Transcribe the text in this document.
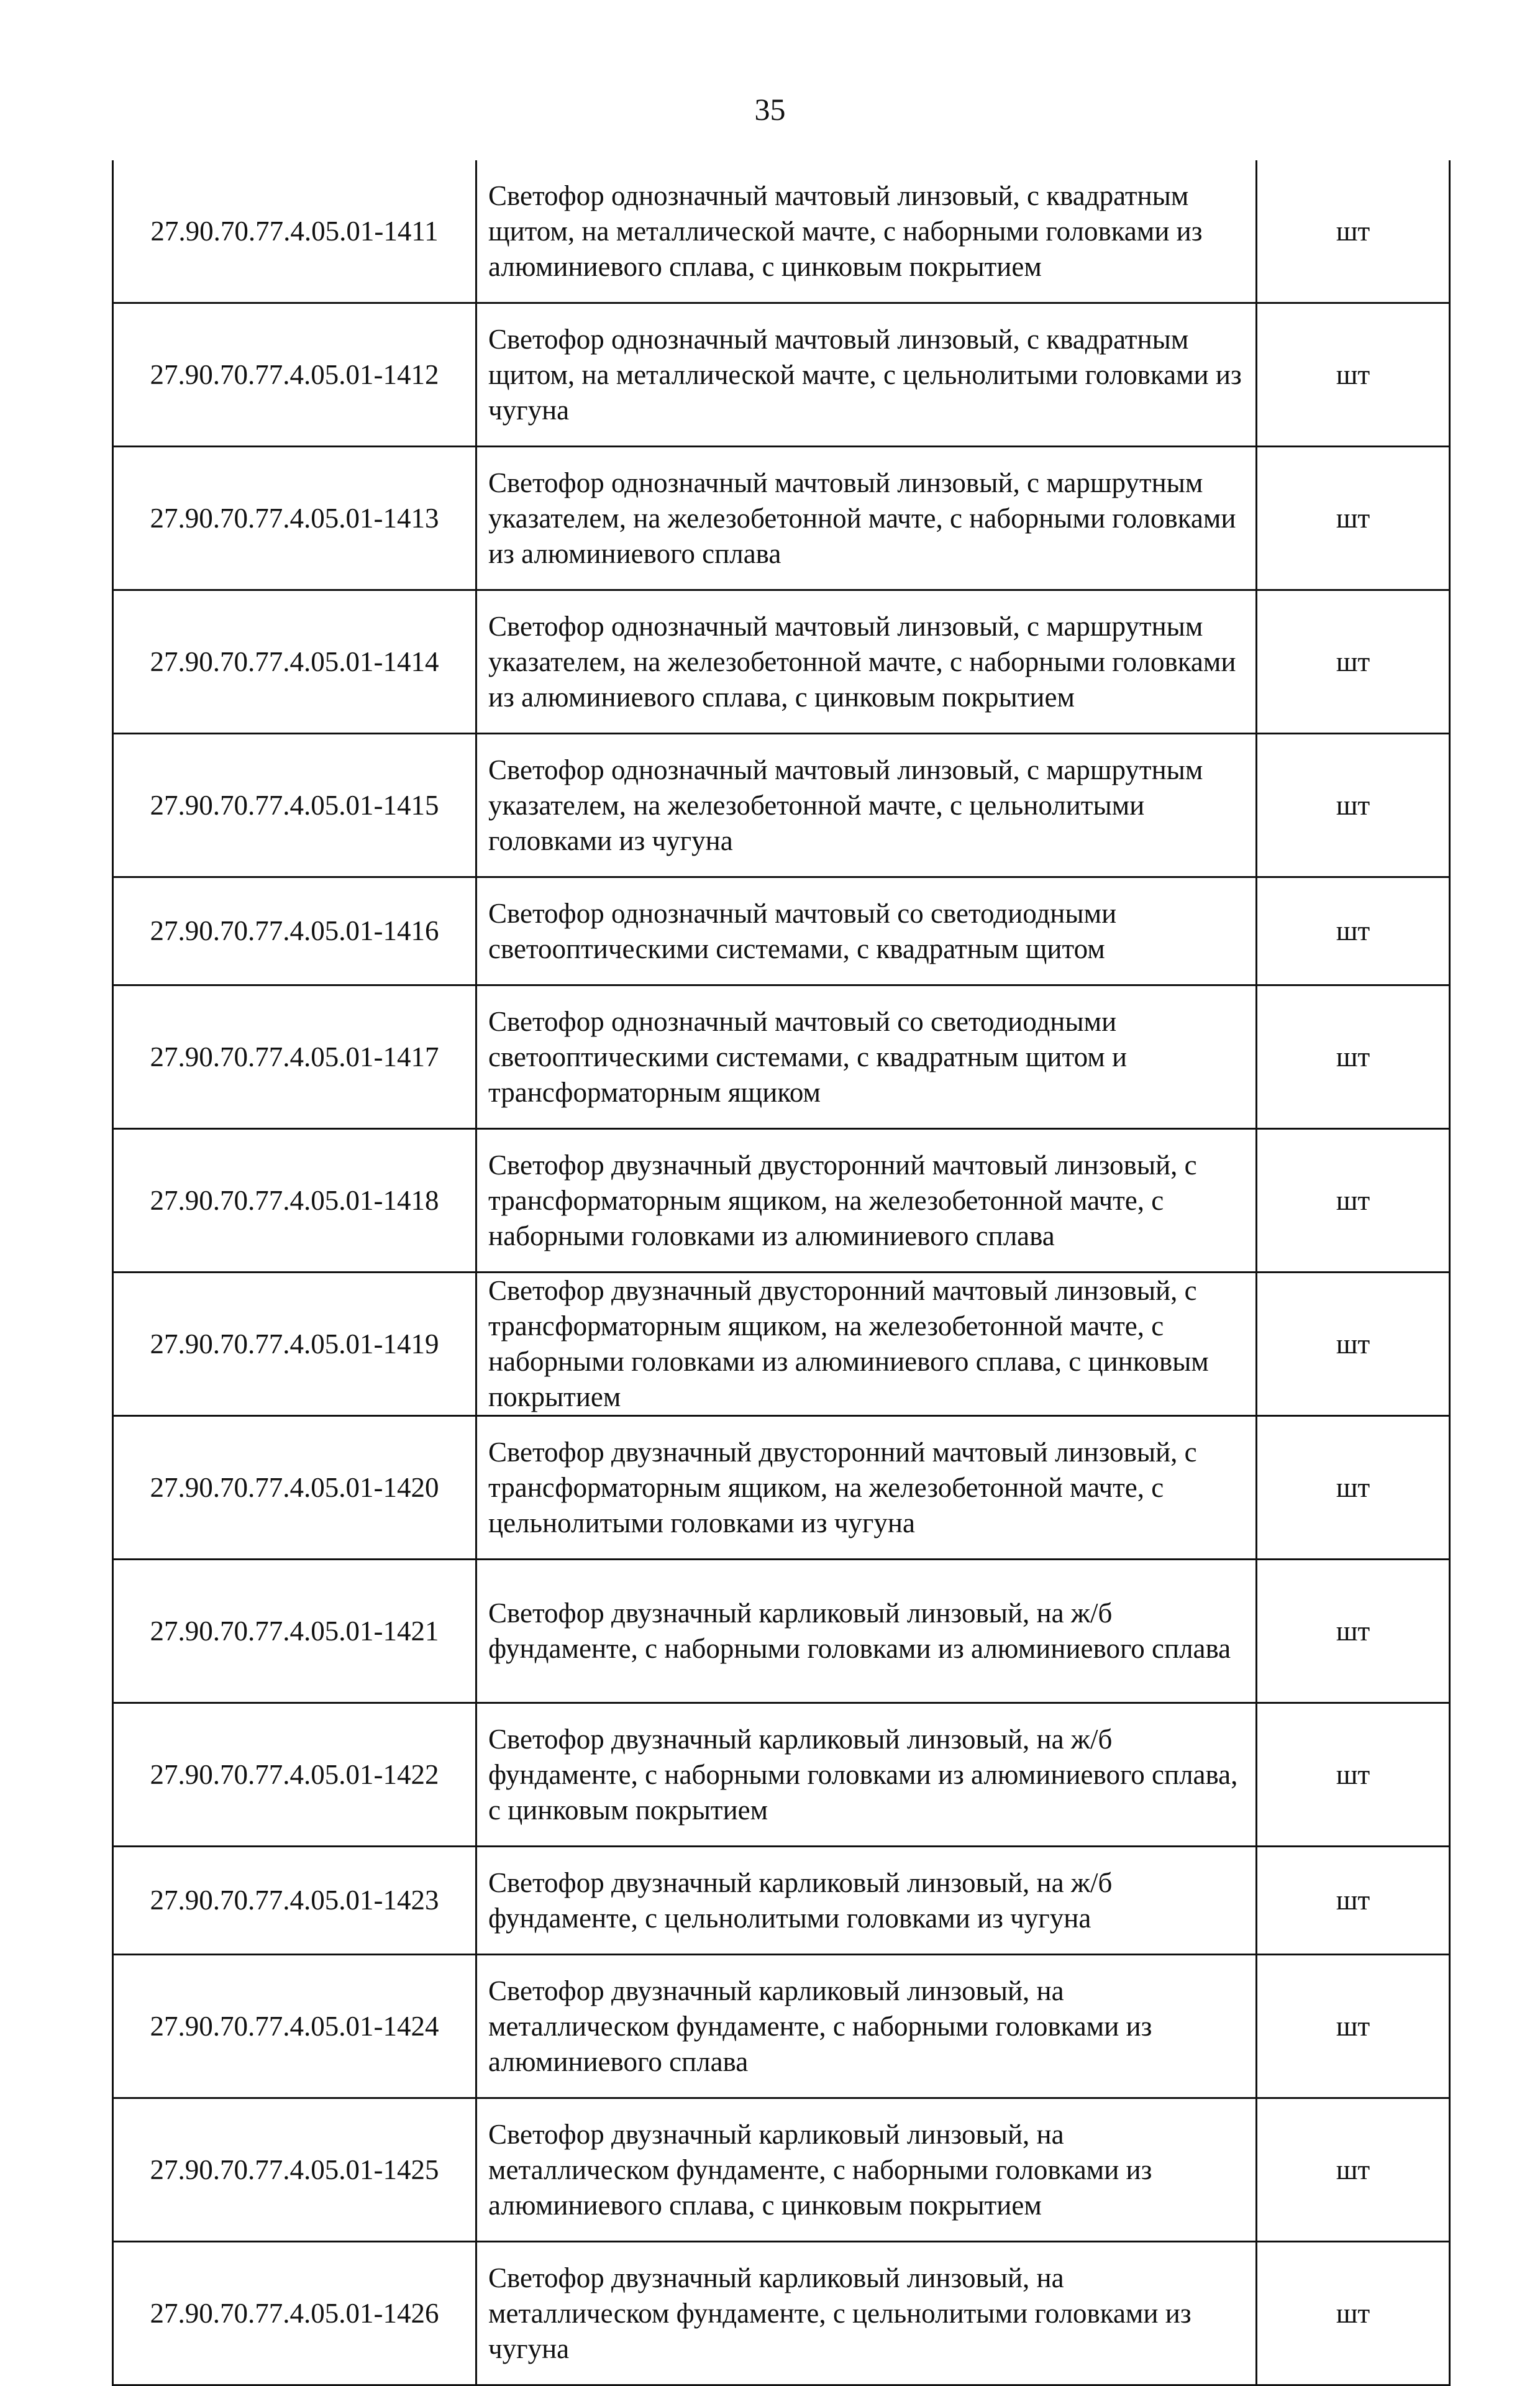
35
27.90.70.77.4.05.01-1411	Светофор однозначный мачтовый линзовый, с квадратным щитом, на металлической мачте, с наборными головками из алюминиевого сплава, с цинковым покрытием	шт
27.90.70.77.4.05.01-1412	Светофор однозначный мачтовый линзовый, с квадратным щитом, на металлической мачте, с цельнолитыми головками из чугуна	шт
27.90.70.77.4.05.01-1413	Светофор однозначный мачтовый линзовый, с маршрутным указателем, на железобетонной мачте, с наборными головками из алюминиевого сплава	шт
27.90.70.77.4.05.01-1414	Светофор однозначный мачтовый линзовый, с маршрутным указателем, на железобетонной мачте, с наборными головками из алюминиевого сплава, с цинковым покрытием	шт
27.90.70.77.4.05.01-1415	Светофор однозначный мачтовый линзовый, с маршрутным указателем, на железобетонной мачте, с цельнолитыми головками из чугуна	шт
27.90.70.77.4.05.01-1416	Светофор однозначный мачтовый со светодиодными светооптическими системами, с квадратным щитом	шт
27.90.70.77.4.05.01-1417	Светофор однозначный мачтовый со светодиодными светооптическими системами, с квадратным щитом и трансформаторным ящиком	шт
27.90.70.77.4.05.01-1418	Светофор двузначный двусторонний мачтовый линзовый, с трансформаторным ящиком, на железобетонной мачте, с наборными головками из алюминиевого сплава	шт
27.90.70.77.4.05.01-1419	Светофор двузначный двусторонний мачтовый линзовый, с трансформаторным ящиком, на железобетонной мачте, с наборными головками из алюминиевого сплава, с цинковым покрытием	шт
27.90.70.77.4.05.01-1420	Светофор двузначный двусторонний мачтовый линзовый, с трансформаторным ящиком, на железобетонной мачте, с цельнолитыми головками из чугуна	шт
27.90.70.77.4.05.01-1421	Светофор двузначный карликовый линзовый, на ж/б фундаменте, с наборными головками из алюминиевого сплава	шт
27.90.70.77.4.05.01-1422	Светофор двузначный карликовый линзовый, на ж/б фундаменте, с наборными головками из алюминиевого сплава, с цинковым покрытием	шт
27.90.70.77.4.05.01-1423	Светофор двузначный карликовый линзовый, на ж/б фундаменте, с цельнолитыми головками из чугуна	шт
27.90.70.77.4.05.01-1424	Светофор двузначный карликовый линзовый, на металлическом фундаменте, с наборными головками из алюминиевого сплава	шт
27.90.70.77.4.05.01-1425	Светофор двузначный карликовый линзовый, на металлическом фундаменте, с наборными головками из алюминиевого сплава, с цинковым покрытием	шт
27.90.70.77.4.05.01-1426	Светофор двузначный карликовый линзовый, на металлическом фундаменте, с цельнолитыми головками из чугуна	шт
